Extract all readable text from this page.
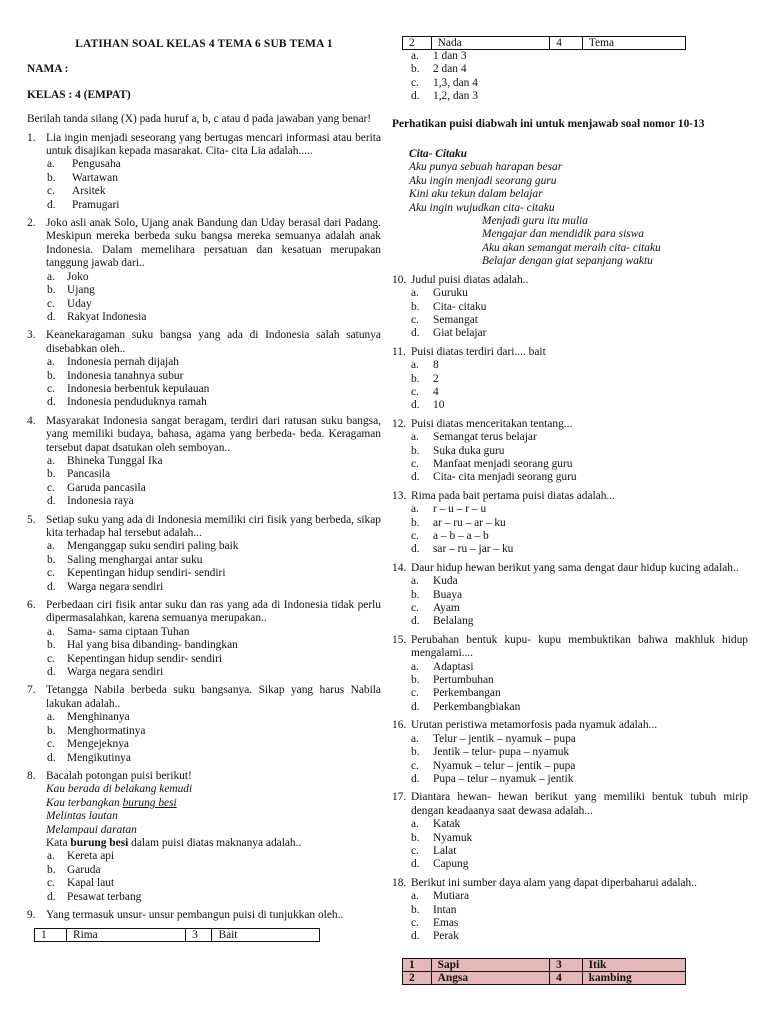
LATIHAN SOAL KELAS 4 TEMA 6 SUB TEMA 1
NAMA :
KELAS : 4 (EMPAT)
Berilah tanda silang (X) pada huruf a, b, c atau d pada jawaban yang benar!
1. Lia ingin menjadi seseorang yang bertugas mencari informasi atau berita untuk disajikan kepada masarakat. Cita- cita Lia adalah.....
a.	Pengusaha
b.	Wartawan
c.	Arsitek
d.	Pramugari
2. Joko asli anak Solo, Ujang anak Bandung dan Uday berasal dari Padang. Meskipun mereka berbeda suku bangsa mereka semuanya adalah anak Indonesia. Dalam memelihara persatuan dan kesatuan merupakan tanggung jawab dari..
a.	Joko
b.	Ujang
c.	Uday
d.	Rakyat Indonesia
3. Keanekaragaman suku bangsa yang ada di Indonesia salah satunya disebabkan oleh..
a.	Indonesia pernah dijajah
b.	Indonesia tanahnya subur
c.	Indonesia berbentuk kepulauan
d.	Indonesia penduduknya ramah
4. Masyarakat Indonesia sangat beragam, terdiri dari ratusan suku bangsa, yang memiliki budaya, bahasa, agama yang berbeda- beda. Keragaman tersebut dapat dsatukan oleh semboyan..
a.	Bhineka Tunggal Ika
b.	Pancasila
c.	Garuda pancasila
d.	Indonesia raya
5. Setiap suku yang ada di Indonesia memiliki ciri fisik yang berbeda, sikap kita terhadap hal tersebut adalah...
a.	Menganggap suku sendiri paling baik
b.	Saling menghargai antar suku
c.	Kepentingan hidup sendiri- sendiri
d.	Warga negara sendiri
6. Perbedaan ciri fisik antar suku dan ras yang ada di Indonesia tidak perlu dipermasalahkan, karena semuanya merupakan..
a.	Sama- sama ciptaan Tuhan
b.	Hal yang bisa dibanding- bandingkan
c.	Kepentingan hidup sendir- sendiri
d.	Warga negara sendiri
7. Tetangga Nabila berbeda suku bangsanya. Sikap yang harus Nabila lakukan adalah..
a.	Menghinanya
b.	Menghormatinya
c.	Mengejeknya
d.	Mengikutinya
8. Bacalah potongan puisi berikut!
Kau berada di belakang kemudi
Kau terbangkan burung besi
Melintas lautan
Melampaui daratan
Kata burung besi dalam puisi diatas maknanya adalah..
a.	Kereta api
b.	Garuda
c.	Kapal laut
d.	Pesawat terbang
9. Yang termasuk unsur- unsur pembangun puisi di tunjukkan oleh..
1	Rima	3	Bait
2	Nada	4	Tema
a.	1 dan 3
b.	2 dan 4
c.	1,3, dan 4
d.	1,2, dan 3
Perhatikan puisi diabwah ini untuk menjawab soal nomor 10-13
Cita- Citaku
Aku punya sebuah harapan besar
Aku ingin menjadi seorang guru
Kini aku tekun dalam belajar
Aku ingin wujudkan cita- citaku
Menjadi guru itu mulia
Mengajar dan mendidik para siswa
Aku akan semangat meraih cita- citaku
Belajar dengan giat sepanjang waktu
10. Judul puisi diatas adalah..
a.	Guruku
b.	Cita- citaku
c.	Semangat
d.	Giat belajar
11. Puisi diatas terdiri dari.... bait
a.	8
b.	2
c.	4
d.	10
12. Puisi diatas menceritakan tentang...
a.	Semangat terus belajar
b.	Suka duka guru
c.	Manfaat menjadi seorang guru
d.	Cita- cita menjadi seorang guru
13. Rima pada bait pertama puisi diatas adalah...
a.	r – u – r – u
b.	ar – ru – ar – ku
c.	a – b – a – b
d.	sar – ru – jar – ku
14. Daur hidup hewan berikut yang sama dengat daur hidup kucing adalah..
a.	Kuda
b.	Buaya
c.	Ayam
d.	Belalang
15. Perubahan bentuk kupu- kupu membuktikan bahwa makhluk hidup mengalami....
a.	Adaptasi
b.	Pertumbuhan
c.	Perkembangan
d.	Perkembangbiakan
16. Urutan peristiwa metamorfosis pada nyamuk adalah...
a.	Telur – jentik – nyamuk – pupa
b.	Jentik – telur- pupa – nyamuk
c.	Nyamuk – telur – jentik – pupa
d.	Pupa – telur – nyamuk – jentik
17. Diantara hewan- hewan berikut yang memiliki bentuk tubuh mirip dengan keadaanya saat dewasa adalah...
a.	Katak
b.	Nyamuk
c.	Lalat
d.	Capung
18. Berikut ini sumber daya alam yang dapat diperbaharui adalah..
a.	Mutiara
b.	Intan
c.	Emas
d.	Perak
1	Sapi	3	Itik
2	Angsa	4	kambing
